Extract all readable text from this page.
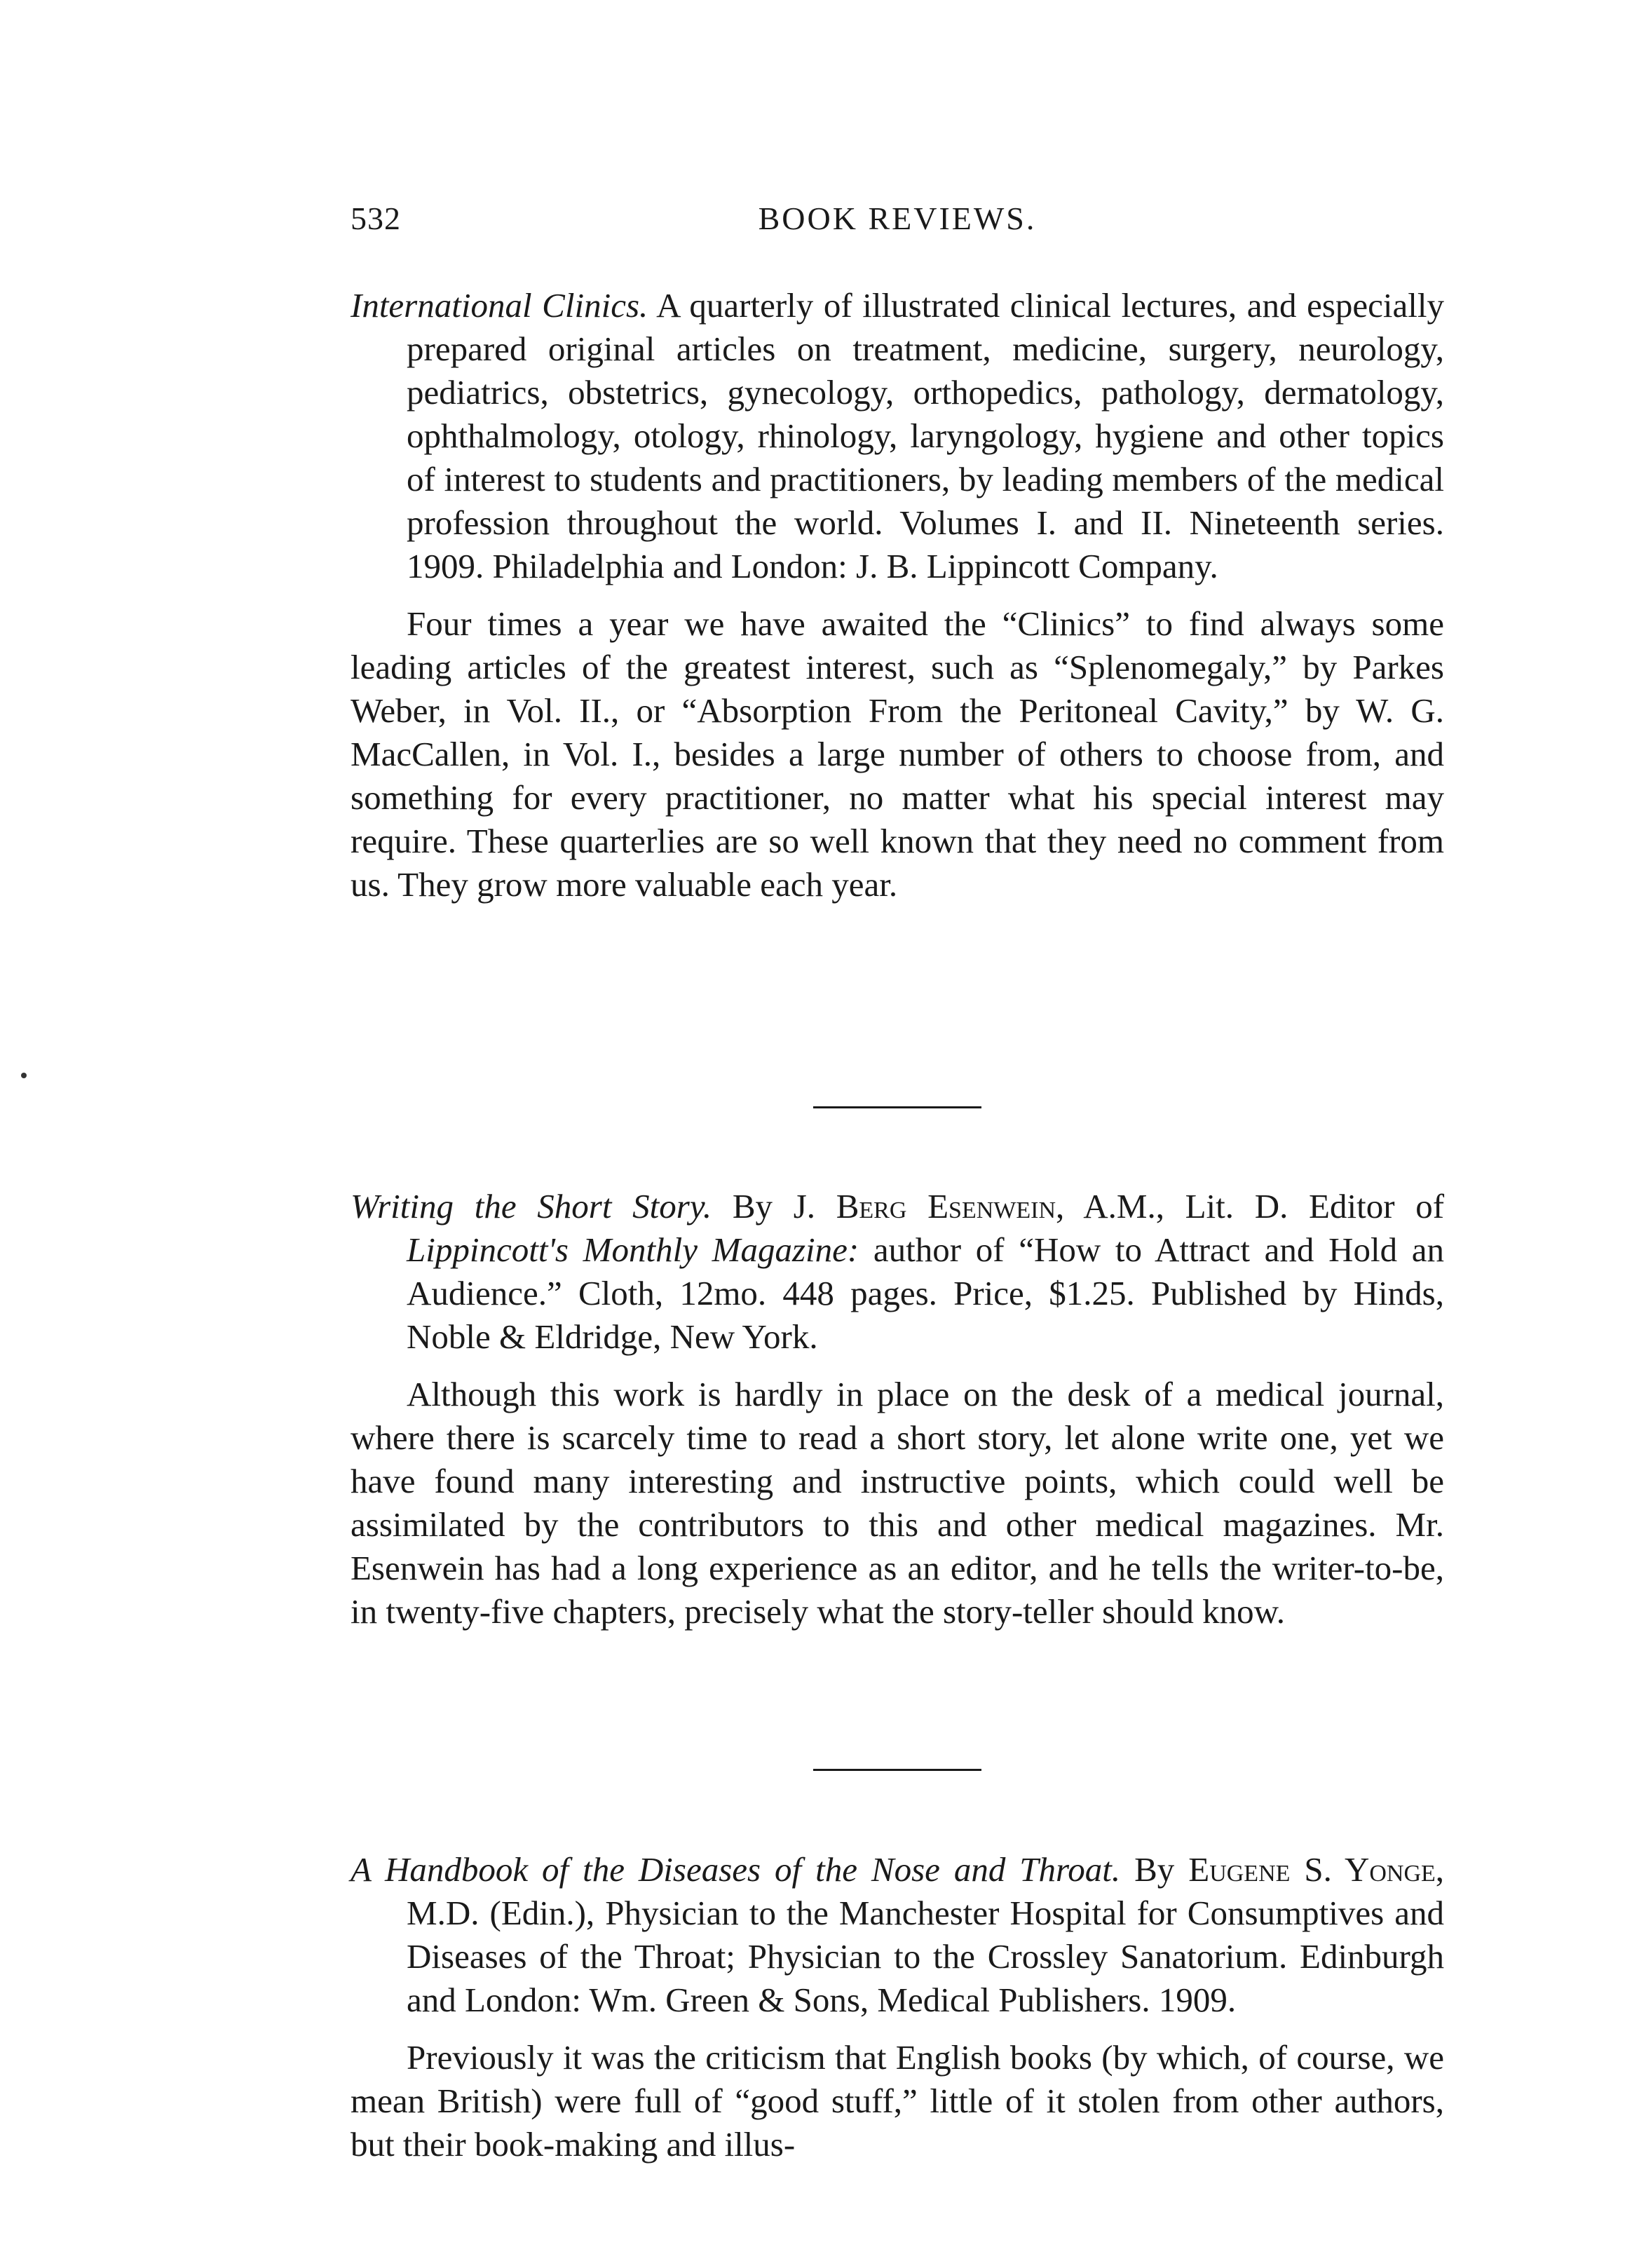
532	BOOK REVIEWS.

International Clinics. A quarterly of illustrated clinical lectures, and especially prepared original articles on treatment, medicine, surgery, neurology, pediatrics, obstetrics, gynecology, orthopedics, pathology, dermatology, ophthalmology, otology, rhinology, laryngology, hygiene and other topics of interest to students and practitioners, by leading members of the medical profession throughout the world. Volumes I. and II. Nineteenth series. 1909. Philadelphia and London: J. B. Lippincott Company.

Four times a year we have awaited the “Clinics” to find always some leading articles of the greatest interest, such as “Splenomegaly,” by Parkes Weber, in Vol. II., or “Absorption From the Peritoneal Cavity,” by W. G. MacCallen, in Vol. I., besides a large number of others to choose from, and something for every practitioner, no matter what his special interest may require. These quarterlies are so well known that they need no comment from us. They grow more valuable each year.

Writing the Short Story. By J. Berg Esenwein, A.M., Lit. D. Editor of Lippincott's Monthly Magazine: author of “How to Attract and Hold an Audience.” Cloth, 12mo. 448 pages. Price, $1.25. Published by Hinds, Noble & Eldridge, New York.

Although this work is hardly in place on the desk of a medical journal, where there is scarcely time to read a short story, let alone write one, yet we have found many interesting and instructive points, which could well be assimilated by the contributors to this and other medical magazines. Mr. Esenwein has had a long experience as an editor, and he tells the writer-to-be, in twenty-five chapters, precisely what the story-teller should know.

A Handbook of the Diseases of the Nose and Throat. By Eugene S. Yonge, M.D. (Edin.), Physician to the Manchester Hospital for Consumptives and Diseases of the Throat; Physician to the Crossley Sanatorium. Edinburgh and London: Wm. Green & Sons, Medical Publishers. 1909.

Previously it was the criticism that English books (by which, of course, we mean British) were full of “good stuff,” little of it stolen from other authors, but their book-making and illus-
